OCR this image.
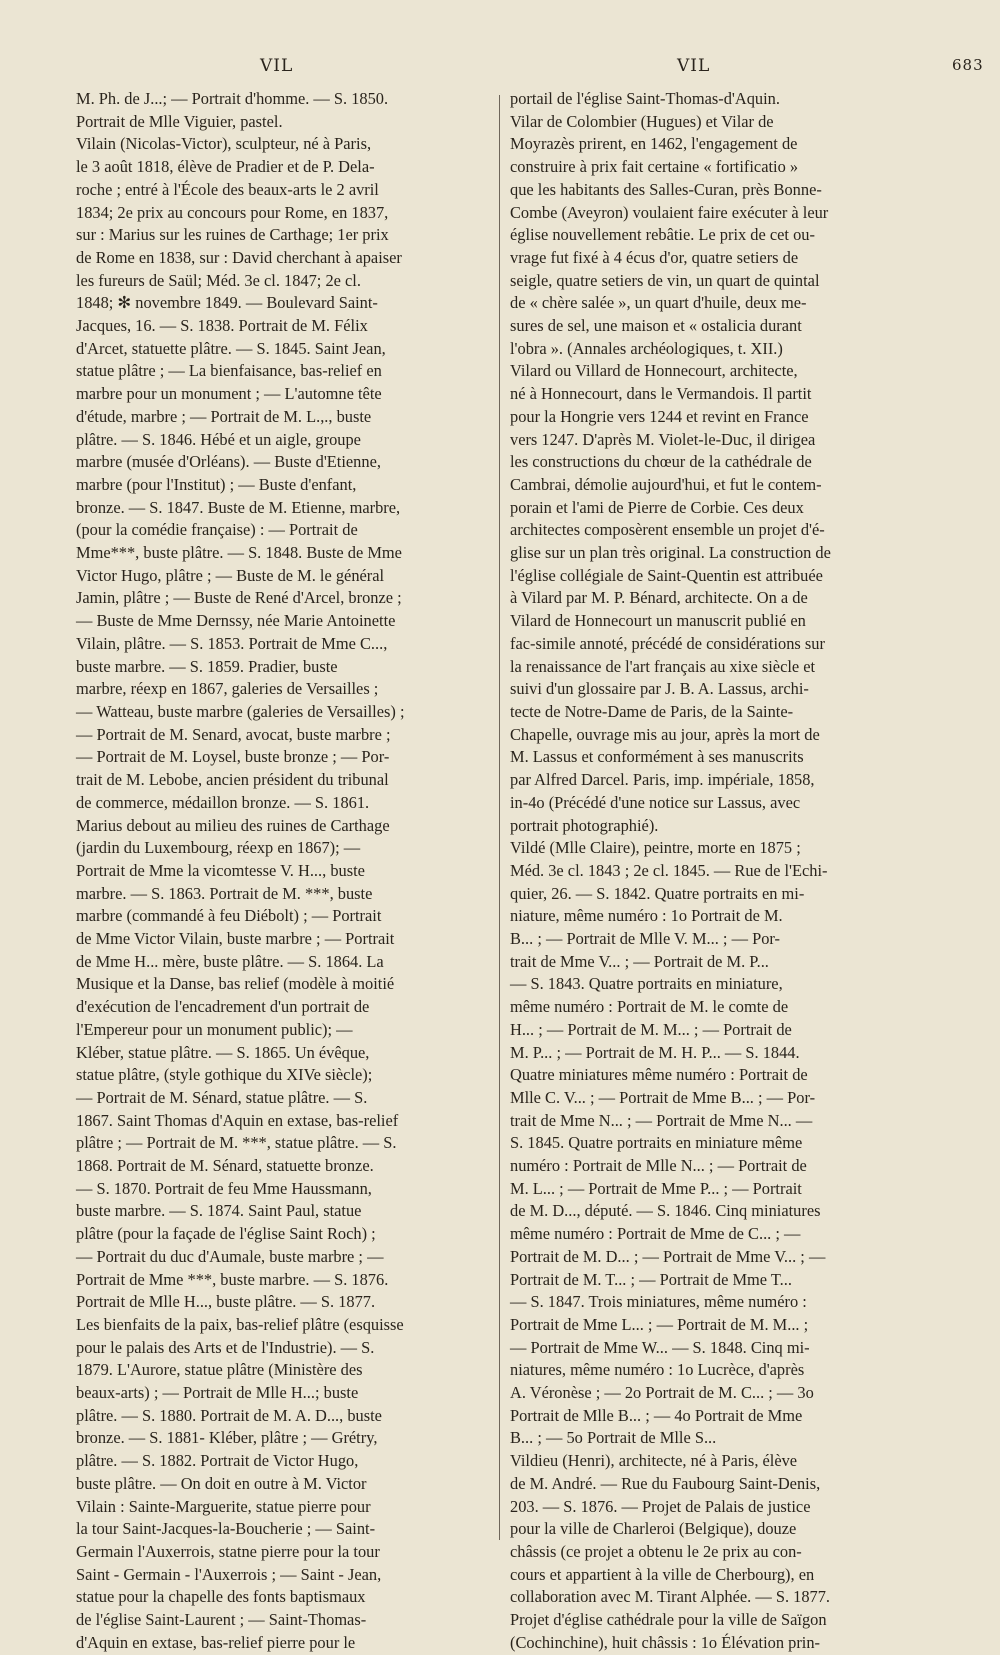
VIL	VIL	683
M. Ph. de J...; — Portrait d'homme. — S. 1850.
Portrait de Mlle Viguier, pastel.
Vilain (Nicolas-Victor), sculpteur, né à Paris,
le 3 août 1818, élève de Pradier et de P. Dela-
roche ; entré à l'École des beaux-arts le 2 avril
1834; 2e prix au concours pour Rome, en 1837,
sur : Marius sur les ruines de Carthage; 1er prix
de Rome en 1838, sur : David cherchant à apaiser
les fureurs de Saül; Méd. 3e cl. 1847; 2e cl.
1848; ✻ novembre 1849. — Boulevard Saint-
Jacques, 16. — S. 1838. Portrait de M. Félix
d'Arcet, statuette plâtre. — S. 1845. Saint Jean,
statue plâtre ; — La bienfaisance, bas-relief en
marbre pour un monument ; — L'automne tête
d'étude, marbre ; — Portrait de M. L.,., buste
plâtre. — S. 1846. Hébé et un aigle, groupe
marbre (musée d'Orléans). — Buste d'Etienne,
marbre (pour l'Institut) ; — Buste d'enfant,
bronze. — S. 1847. Buste de M. Etienne, marbre,
(pour la comédie française) : — Portrait de
Mme***, buste plâtre. — S. 1848. Buste de Mme
Victor Hugo, plâtre ; — Buste de M. le général
Jamin, plâtre ; — Buste de René d'Arcel, bronze ;
— Buste de Mme Dernssy, née Marie Antoinette
Vilain, plâtre. — S. 1853. Portrait de Mme C...,
buste marbre. — S. 1859. Pradier, buste
marbre, réexp en 1867, galeries de Versailles ;
— Watteau, buste marbre (galeries de Versailles) ;
— Portrait de M. Senard, avocat, buste marbre ;
— Portrait de M. Loysel, buste bronze ; — Por-
trait de M. Lebobe, ancien président du tribunal
de commerce, médaillon bronze. — S. 1861.
Marius debout au milieu des ruines de Carthage
(jardin du Luxembourg, réexp en 1867); —
Portrait de Mme la vicomtesse V. H..., buste
marbre. — S. 1863. Portrait de M. ***, buste
marbre (commandé à feu Diébolt) ; — Portrait
de Mme Victor Vilain, buste marbre ; — Portrait
de Mme H... mère, buste plâtre. — S. 1864. La
Musique et la Danse, bas relief (modèle à moitié
d'exécution de l'encadrement d'un portrait de
l'Empereur pour un monument public); —
Kléber, statue plâtre. — S. 1865. Un évêque,
statue plâtre, (style gothique du XIVe siècle);
— Portrait de M. Sénard, statue plâtre. — S.
1867. Saint Thomas d'Aquin en extase, bas-relief
plâtre ; — Portrait de M. ***, statue plâtre. — S.
1868. Portrait de M. Sénard, statuette bronze.
— S. 1870. Portrait de feu Mme Haussmann,
buste marbre. — S. 1874. Saint Paul, statue
plâtre (pour la façade de l'église Saint Roch) ;
— Portrait du duc d'Aumale, buste marbre ; —
Portrait de Mme ***, buste marbre. — S. 1876.
Portrait de Mlle H..., buste plâtre. — S. 1877.
Les bienfaits de la paix, bas-relief plâtre (esquisse
pour le palais des Arts et de l'Industrie). — S.
1879. L'Aurore, statue plâtre (Ministère des
beaux-arts) ; — Portrait de Mlle H...; buste
plâtre. — S. 1880. Portrait de M. A. D..., buste
bronze. — S. 1881- Kléber, plâtre ; — Grétry,
plâtre. — S. 1882. Portrait de Victor Hugo,
buste plâtre. — On doit en outre à M. Victor
Vilain : Sainte-Marguerite, statue pierre pour
la tour Saint-Jacques-la-Boucherie ; — Saint-
Germain l'Auxerrois, statne pierre pour la tour
Saint - Germain - l'Auxerrois ; — Saint - Jean,
statue pour la chapelle des fonts baptismaux
de l'église Saint-Laurent ; — Saint-Thomas-
d'Aquin en extase, bas-relief pierre pour le
portail de l'église Saint-Thomas-d'Aquin.
Vilar de Colombier (Hugues) et Vilar de
Moyrazès prirent, en 1462, l'engagement de
construire à prix fait certaine « fortificatio »
que les habitants des Salles-Curan, près Bonne-
Combe (Aveyron) voulaient faire exécuter à leur
église nouvellement rebâtie. Le prix de cet ou-
vrage fut fixé à 4 écus d'or, quatre setiers de
seigle, quatre setiers de vin, un quart de quintal
de « chère salée », un quart d'huile, deux me-
sures de sel, une maison et « ostalicia durant
l'obra ». (Annales archéologiques, t. XII.)
Vilard ou Villard de Honnecourt, architecte,
né à Honnecourt, dans le Vermandois. Il partit
pour la Hongrie vers 1244 et revint en France
vers 1247. D'après M. Violet-le-Duc, il dirigea
les constructions du chœur de la cathédrale de
Cambrai, démolie aujourd'hui, et fut le contem-
porain et l'ami de Pierre de Corbie. Ces deux
architectes composèrent ensemble un projet d'é-
glise sur un plan très original. La construction de
l'église collégiale de Saint-Quentin est attribuée
à Vilard par M. P. Bénard, architecte. On a de
Vilard de Honnecourt un manuscrit publié en
fac-simile annoté, précédé de considérations sur
la renaissance de l'art français au xixe siècle et
suivi d'un glossaire par J. B. A. Lassus, archi-
tecte de Notre-Dame de Paris, de la Sainte-
Chapelle, ouvrage mis au jour, après la mort de
M. Lassus et conformément à ses manuscrits
par Alfred Darcel. Paris, imp. impériale, 1858,
in-4o (Précédé d'une notice sur Lassus, avec
portrait photographié).
Vildé (Mlle Claire), peintre, morte en 1875 ;
Méd. 3e cl. 1843 ; 2e cl. 1845. — Rue de l'Echi-
quier, 26. — S. 1842. Quatre portraits en mi-
niature, même numéro : 1o Portrait de M.
B... ; — Portrait de Mlle V. M... ; — Por-
trait de Mme V... ; — Portrait de M. P...
— S. 1843. Quatre portraits en miniature,
même numéro : Portrait de M. le comte de
H... ; — Portrait de M. M... ; — Portrait de
M. P... ; — Portrait de M. H. P... — S. 1844.
Quatre miniatures même numéro : Portrait de
Mlle C. V... ; — Portrait de Mme B... ; — Por-
trait de Mme N... ; — Portrait de Mme N... —
S. 1845. Quatre portraits en miniature même
numéro : Portrait de Mlle N... ; — Portrait de
M. L... ; — Portrait de Mme P... ; — Portrait
de M. D..., député. — S. 1846. Cinq miniatures
même numéro : Portrait de Mme de C... ; —
Portrait de M. D... ; — Portrait de Mme V... ; —
Portrait de M. T... ; — Portrait de Mme T...
— S. 1847. Trois miniatures, même numéro :
Portrait de Mme L... ; — Portrait de M. M... ;
— Portrait de Mme W... — S. 1848. Cinq mi-
niatures, même numéro : 1o Lucrèce, d'après
A. Véronèse ; — 2o Portrait de M. C... ; — 3o
Portrait de Mlle B... ; — 4o Portrait de Mme
B... ; — 5o Portrait de Mlle S...
Vildieu (Henri), architecte, né à Paris, élève
de M. André. — Rue du Faubourg Saint-Denis,
203. — S. 1876. — Projet de Palais de justice
pour la ville de Charleroi (Belgique), douze
châssis (ce projet a obtenu le 2e prix au con-
cours et appartient à la ville de Cherbourg), en
collaboration avec M. Tirant Alphée. — S. 1877.
Projet d'église cathédrale pour la ville de Saïgon
(Cochinchine), huit châssis : 1o Élévation prin-
